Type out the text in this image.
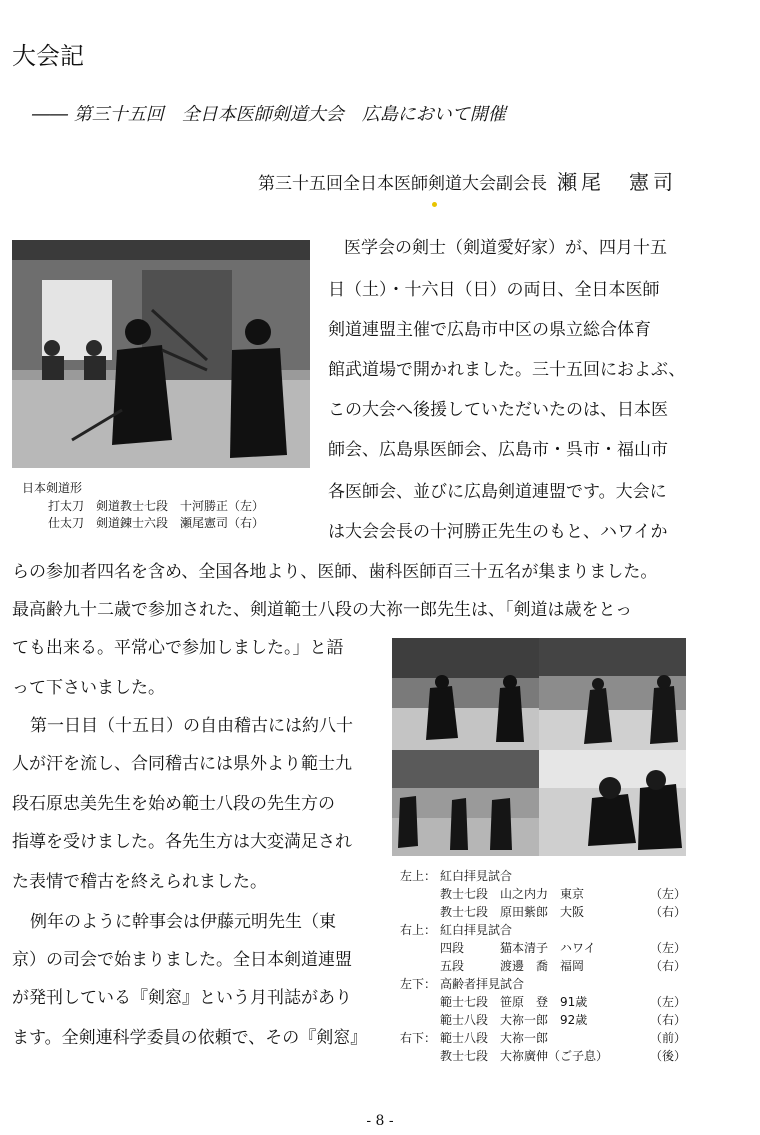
大会記
―― 第三十五回　全日本医師剣道大会　広島において開催
第三十五回全日本医師剣道大会副会長 瀬尾　憲司
日本剣道形
打太刀　剣道教士七段　十河勝正（左）
仕太刀　剣道錬士六段　瀬尾憲司（右）
左上： 紅白拝見試合
教士七段　山之内力　東京	（左）
教士七段　原田紫郎　大阪	（右）
右上： 紅白拝見試合
四段　　　猫本清子　ハワイ	（左）
五段　　　渡邊　喬　福岡	（右）
左下： 高齢者拝見試合
範士七段　笹原　登　91歳	（左）
範士八段　大祢一郎　92歳	（右）
右下： 範士八段　大祢一郎	（前）
教士七段　大祢廣伸（ご子息）	（後）
医学会の剣士（剣道愛好家）が、四月十五
日（土）・十六日（日）の両日、全日本医師
剣道連盟主催で広島市中区の県立総合体育
館武道場で開かれました。三十五回におよぶ、
この大会へ後援していただいたのは、日本医
師会、広島県医師会、広島市・呉市・福山市
各医師会、並びに広島剣道連盟です。大会に
は大会会長の十河勝正先生のもと、ハワイか
らの参加者四名を含め、全国各地より、医師、歯科医師百三十五名が集まりました。
最高齢九十二歳で参加された、剣道範士八段の大祢一郎先生は、「剣道は歳をとっ
ても出来る。平常心で参加しました。」と語
って下さいました。
第一日目（十五日）の自由稽古には約八十
人が汗を流し、合同稽古には県外より範士九
段石原忠美先生を始め範士八段の先生方の
指導を受けました。各先生方は大変満足され
た表情で稽古を終えられました。
例年のように幹事会は伊藤元明先生（東
京）の司会で始まりました。全日本剣道連盟
が発刊している『剣窓』という月刊誌があり
ます。全剣連科学委員の依頼で、その『剣窓』
- 8 -
